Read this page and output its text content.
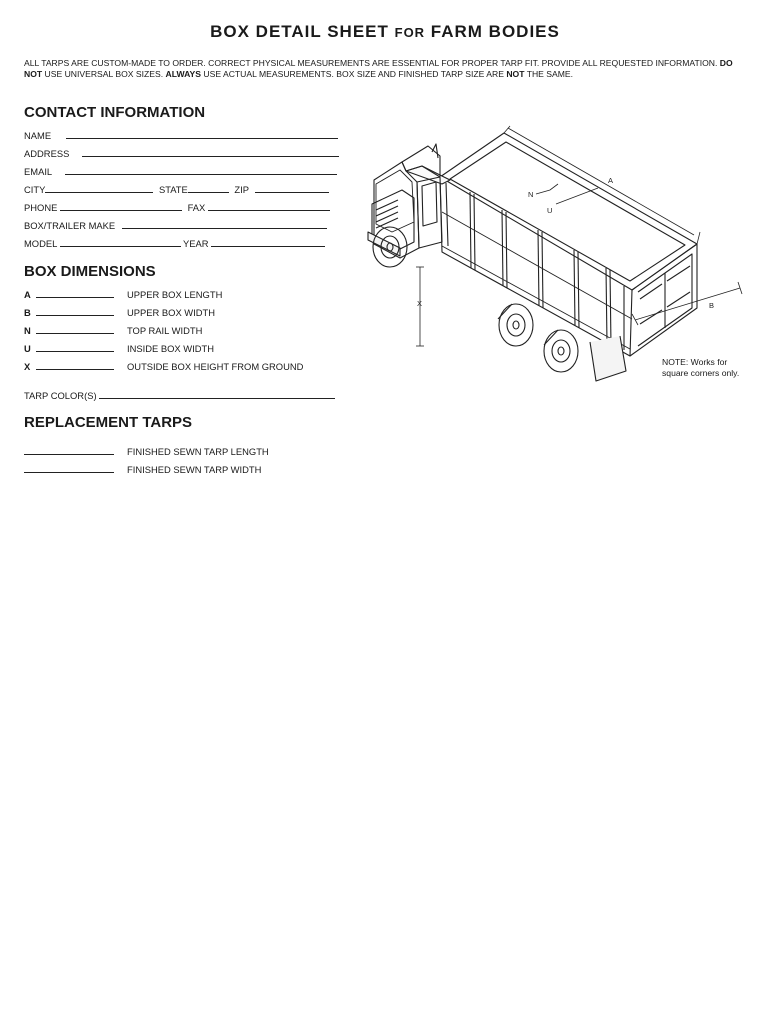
BOX DETAIL SHEET FOR FARM BODIES
ALL TARPS ARE CUSTOM-MADE TO ORDER. CORRECT PHYSICAL MEASUREMENTS ARE ESSENTIAL FOR PROPER TARP FIT. PROVIDE ALL REQUESTED INFORMATION. DO NOT USE UNIVERSAL BOX SIZES. ALWAYS USE ACTUAL MEASUREMENTS. BOX SIZE AND FINISHED TARP SIZE ARE NOT THE SAME.
CONTACT INFORMATION
NAME
ADDRESS
EMAIL
CITY	STATE	ZIP
PHONE	FAX
BOX/TRAILER MAKE
MODEL	YEAR
BOX DIMENSIONS
A	UPPER BOX LENGTH
B	UPPER BOX WIDTH
N	TOP RAIL WIDTH
U	INSIDE BOX WIDTH
X	OUTSIDE BOX HEIGHT FROM GROUND
TARP COLOR(S)
REPLACEMENT TARPS
FINISHED SEWN TARP LENGTH
FINISHED SEWN TARP WIDTH
A
B
N
U
X
NOTE: Works for
square corners only.
